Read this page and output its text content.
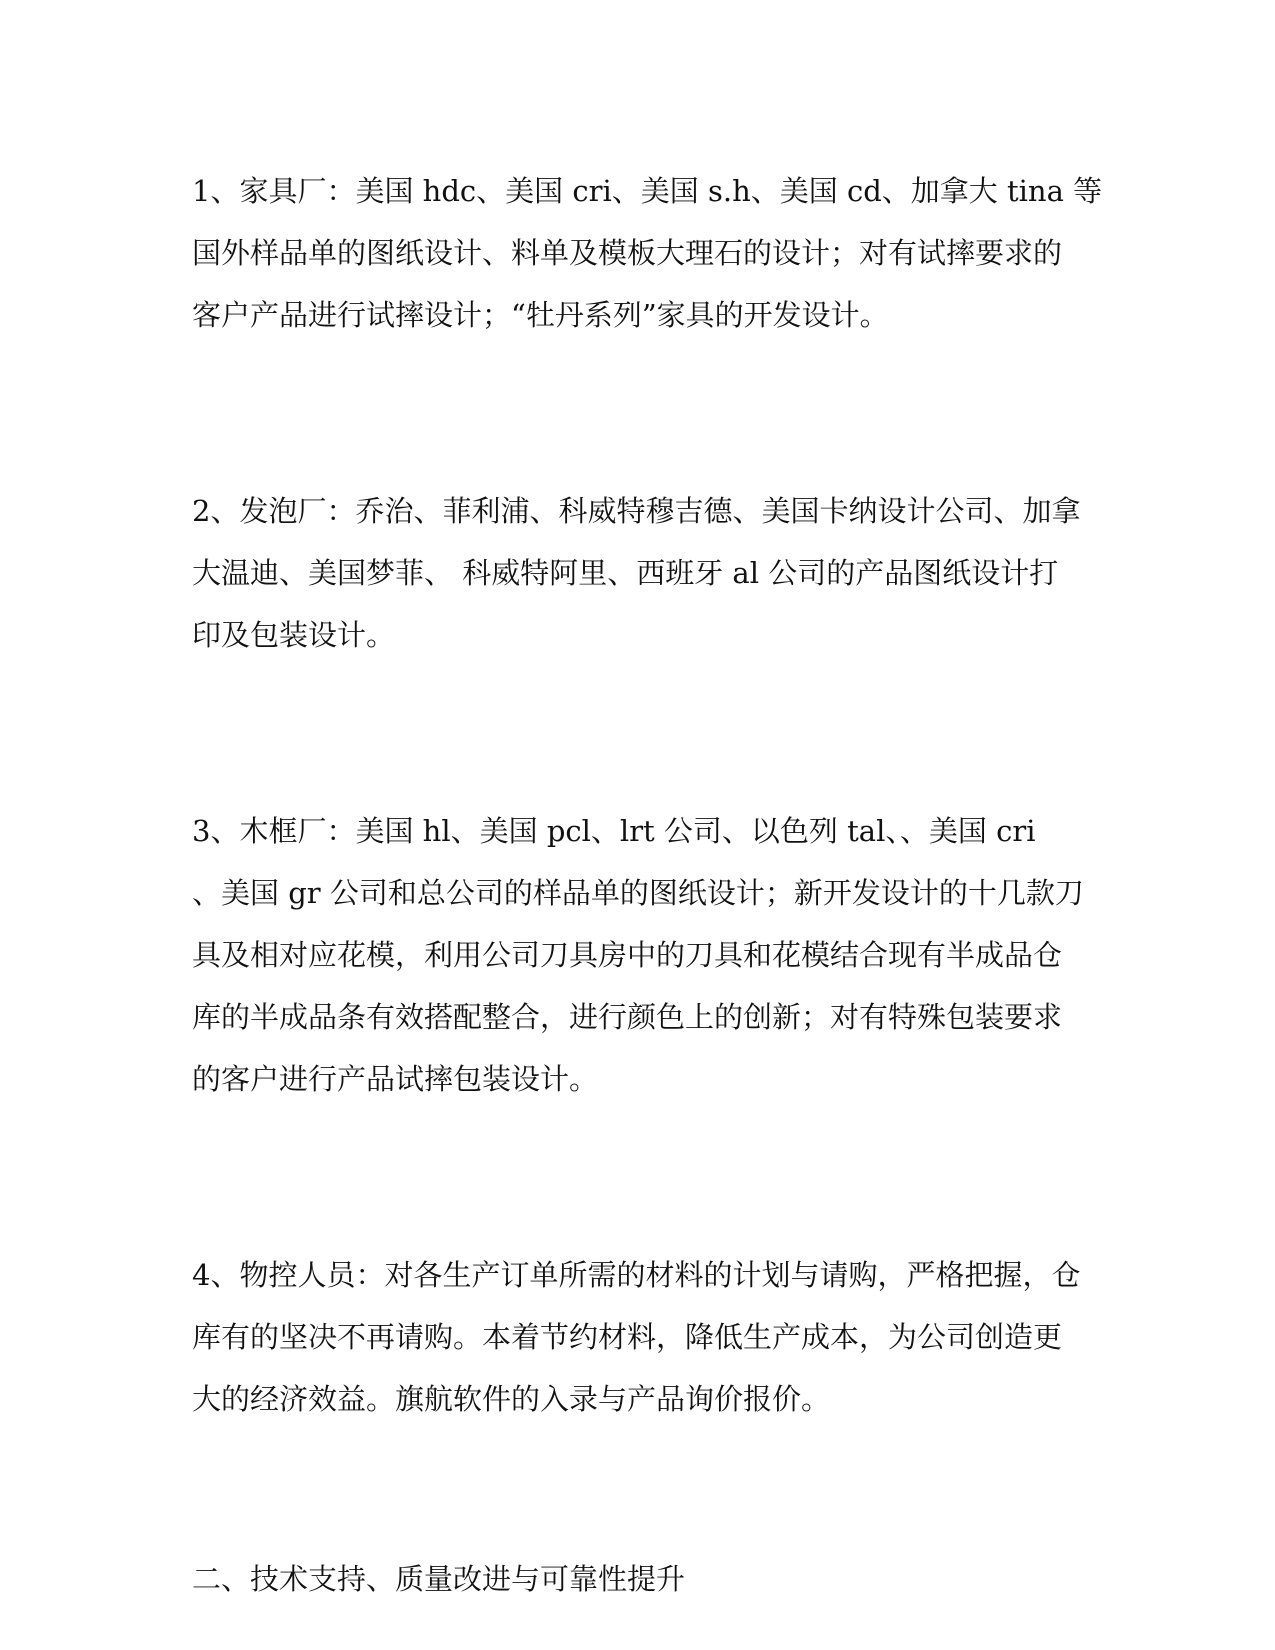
1、家具厂：美国 hdc、美国 cri、美国 s.h、美国 cd、加拿大 tina 等
国外样品单的图纸设计、料单及模板大理石的设计；对有试摔要求的
客户产品进行试摔设计；“牡丹系列”家具的开发设计。
2、发泡厂：乔治、菲利浦、科威特穆吉德、美国卡纳设计公司、加拿
大温迪、美国梦菲、 科威特阿里、西班牙 al 公司的产品图纸设计打
印及包装设计。
3、木框厂：美国 hl、美国 pcl、lrt 公司、以色列 tal、、美国 cri
、美国 gr 公司和总公司的样品单的图纸设计；新开发设计的十几款刀
具及相对应花模，利用公司刀具房中的刀具和花模结合现有半成品仓
库的半成品条有效搭配整合，进行颜色上的创新；对有特殊包装要求
的客户进行产品试摔包装设计。
4、物控人员：对各生产订单所需的材料的计划与请购，严格把握，仓
库有的坚决不再请购。本着节约材料，降低生产成本，为公司创造更
大的经济效益。旗航软件的入录与产品询价报价。
二、技术支持、质量改进与可靠性提升
